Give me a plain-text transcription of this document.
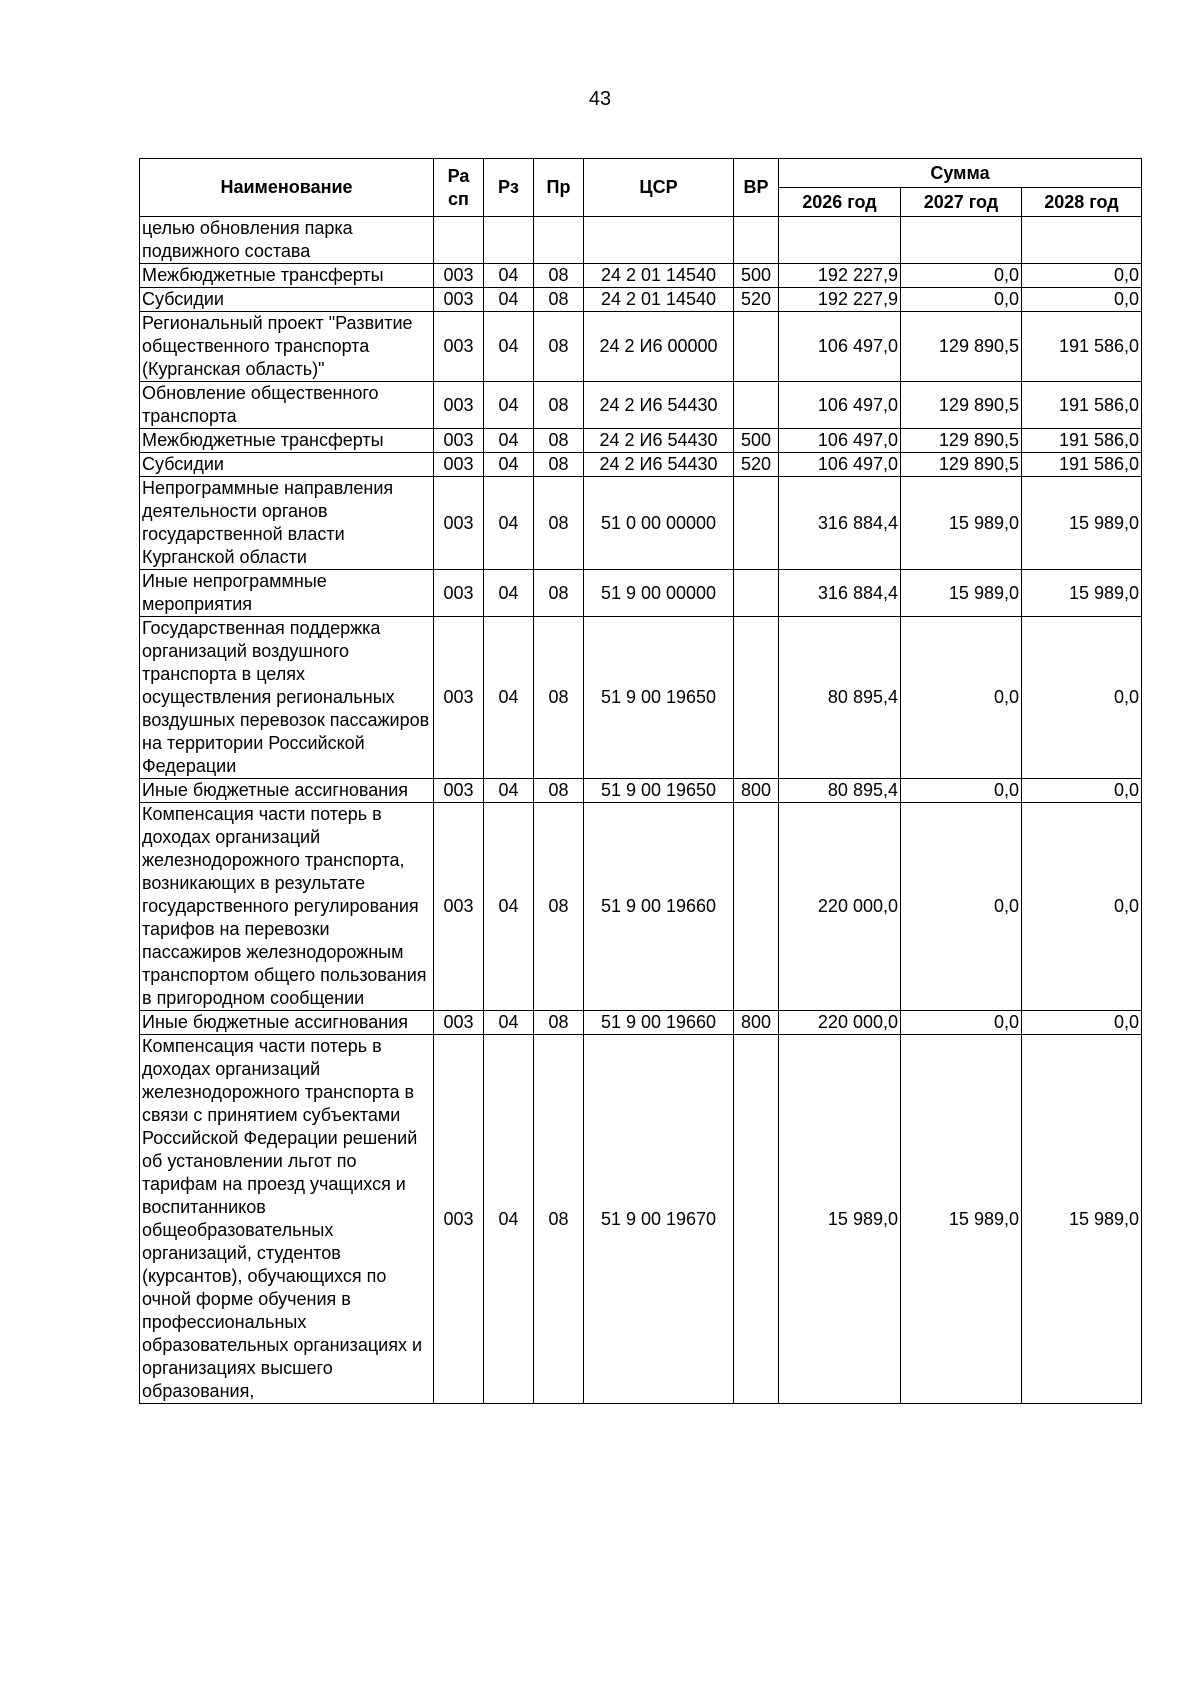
43
Наименование	Ра сп	Рз	Пр	ЦСР	ВР	Сумма		
						2026 год	2027 год	2028 год
целью обновления парка подвижного состава								
Межбюджетные трансферты	003	04	08	24 2 01 14540	500	192 227,9	0,0	0,0
Субсидии	003	04	08	24 2 01 14540	520	192 227,9	0,0	0,0
Региональный проект "Развитие общественного транспорта (Курганская область)"	003	04	08	24 2 И6 00000		106 497,0	129 890,5	191 586,0
Обновление общественного транспорта	003	04	08	24 2 И6 54430		106 497,0	129 890,5	191 586,0
Межбюджетные трансферты	003	04	08	24 2 И6 54430	500	106 497,0	129 890,5	191 586,0
Субсидии	003	04	08	24 2 И6 54430	520	106 497,0	129 890,5	191 586,0
Непрограммные направления деятельности органов государственной власти Курганской области	003	04	08	51 0 00 00000		316 884,4	15 989,0	15 989,0
Иные непрограммные мероприятия	003	04	08	51 9 00 00000		316 884,4	15 989,0	15 989,0
Государственная поддержка организаций воздушного транспорта в целях осуществления региональных воздушных перевозок пассажиров на территории Российской Федерации	003	04	08	51 9 00 19650		80 895,4	0,0	0,0
Иные бюджетные ассигнования	003	04	08	51 9 00 19650	800	80 895,4	0,0	0,0
Компенсация части потерь в доходах организаций железнодорожного транспорта, возникающих в результате государственного регулирования тарифов на перевозки пассажиров железнодорожным транспортом общего пользования в пригородном сообщении	003	04	08	51 9 00 19660		220 000,0	0,0	0,0
Иные бюджетные ассигнования	003	04	08	51 9 00 19660	800	220 000,0	0,0	0,0
Компенсация части потерь в доходах организаций железнодорожного транспорта в связи с принятием субъектами Российской Федерации решений об установлении льгот по тарифам на проезд учащихся и воспитанников общеобразовательных организаций, студентов (курсантов), обучающихся по очной форме обучения в профессиональных образовательных организациях и организациях высшего образования,	003	04	08	51 9 00 19670		15 989,0	15 989,0	15 989,0
